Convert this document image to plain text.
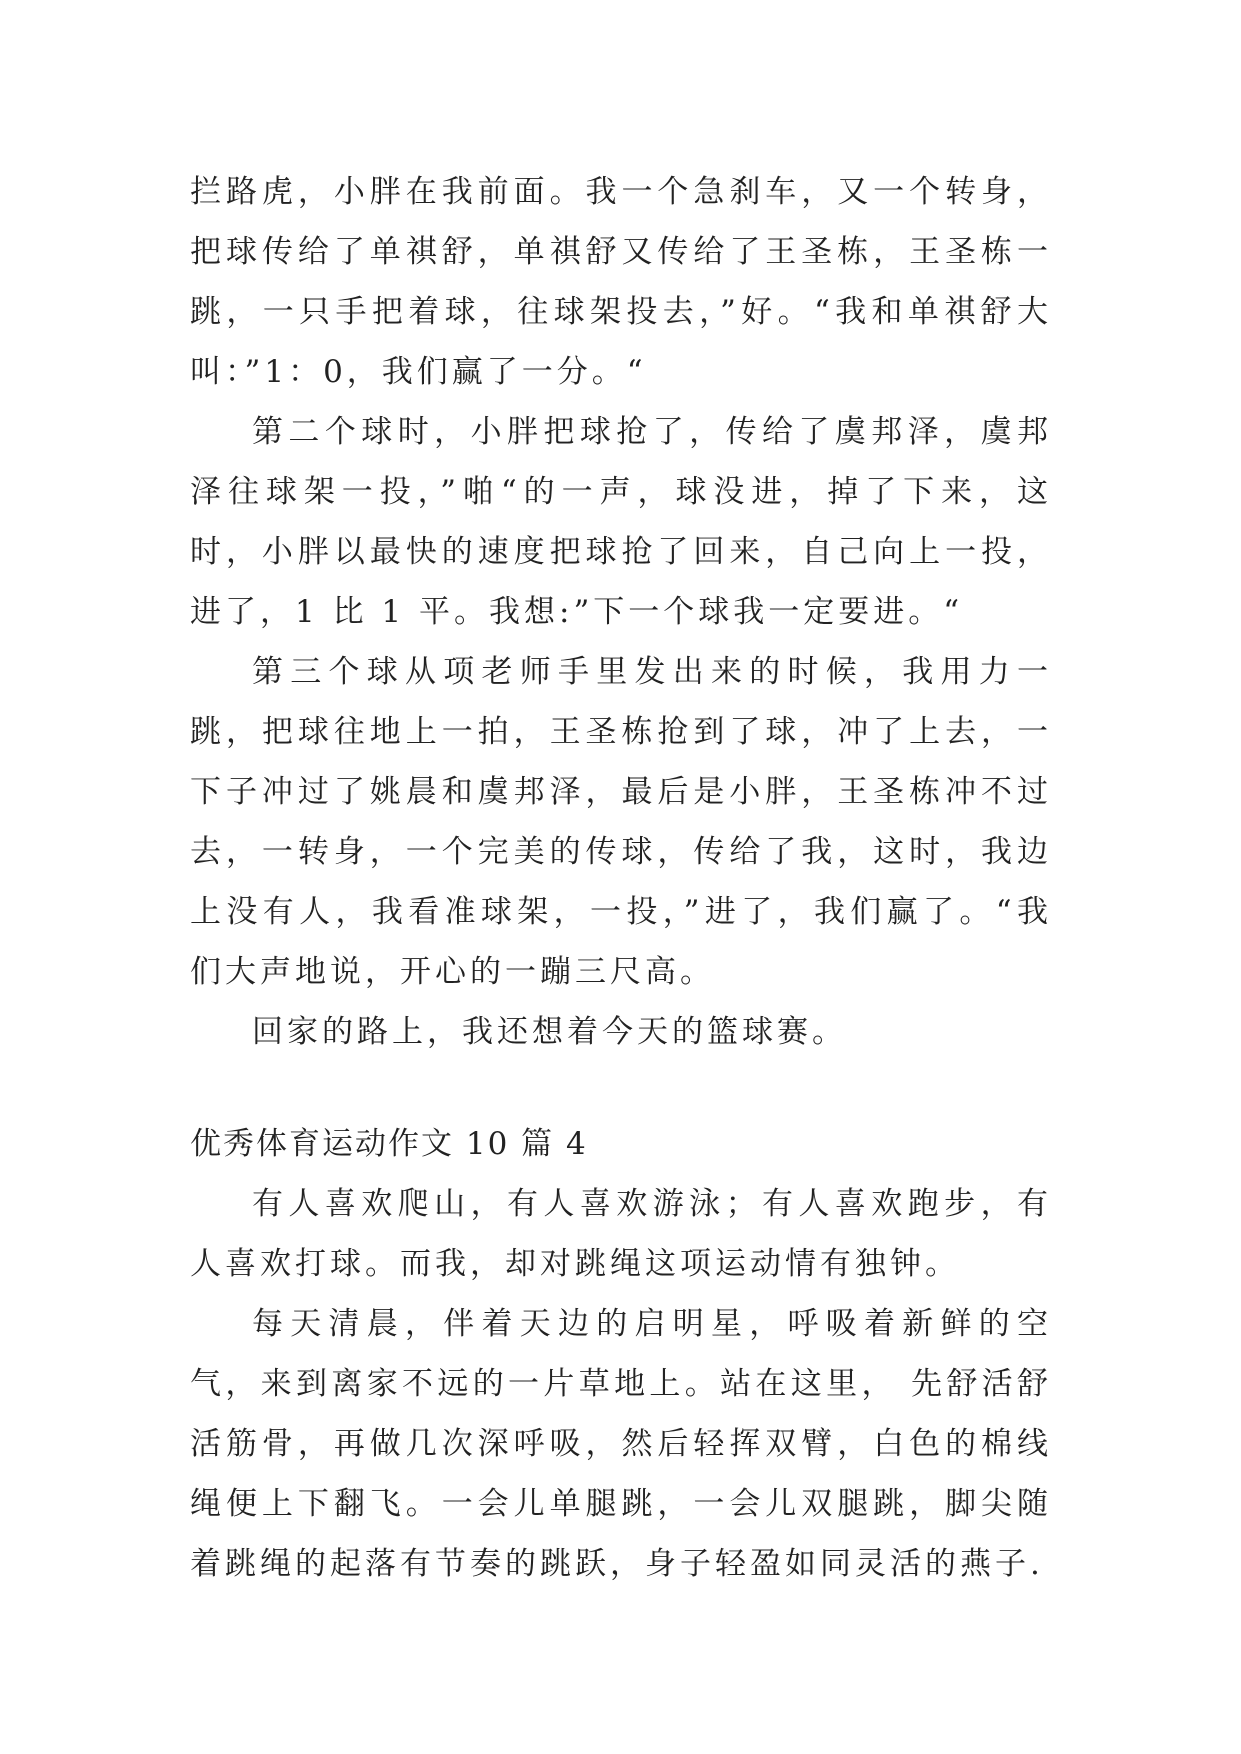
拦路虎，小胖在我前面。我一个急刹车，又一个转身，把球传给了单祺舒，单祺舒又传给了王圣栋，王圣栋一跳，一只手把着球，往球架投去，”好。“我和单祺舒大叫：”1：0，我们赢了一分。“

第二个球时，小胖把球抢了，传给了虞邦泽，虞邦泽往球架一投，”啪“的一声，球没进，掉了下来，这时，小胖以最快的速度把球抢了回来，自己向上一投，进了，1 比 1 平。我想:”下一个球我一定要进。“

第三个球从项老师手里发出来的时候，我用力一跳，把球往地上一拍，王圣栋抢到了球，冲了上去，一下子冲过了姚晨和虞邦泽，最后是小胖，王圣栋冲不过去，一转身，一个完美的传球，传给了我，这时，我边上没有人，我看准球架，一投，”进了，我们赢了。“我们大声地说，开心的一蹦三尺高。

回家的路上，我还想着今天的篮球赛。

优秀体育运动作文 10 篇 4

有人喜欢爬山，有人喜欢游泳；有人喜欢跑步，有人喜欢打球。而我，却对跳绳这项运动情有独钟。

每天清晨，伴着天边的启明星，呼吸着新鲜的空气，来到离家不远的一片草地上。站在这里， 先舒活舒活筋骨，再做几次深呼吸，然后轻挥双臂，白色的棉线绳便上下翻飞。一会儿单腿跳，一会儿双腿跳，脚尖随着跳绳的起落有节奏的跳跃，身子轻盈如同灵活的燕子.
